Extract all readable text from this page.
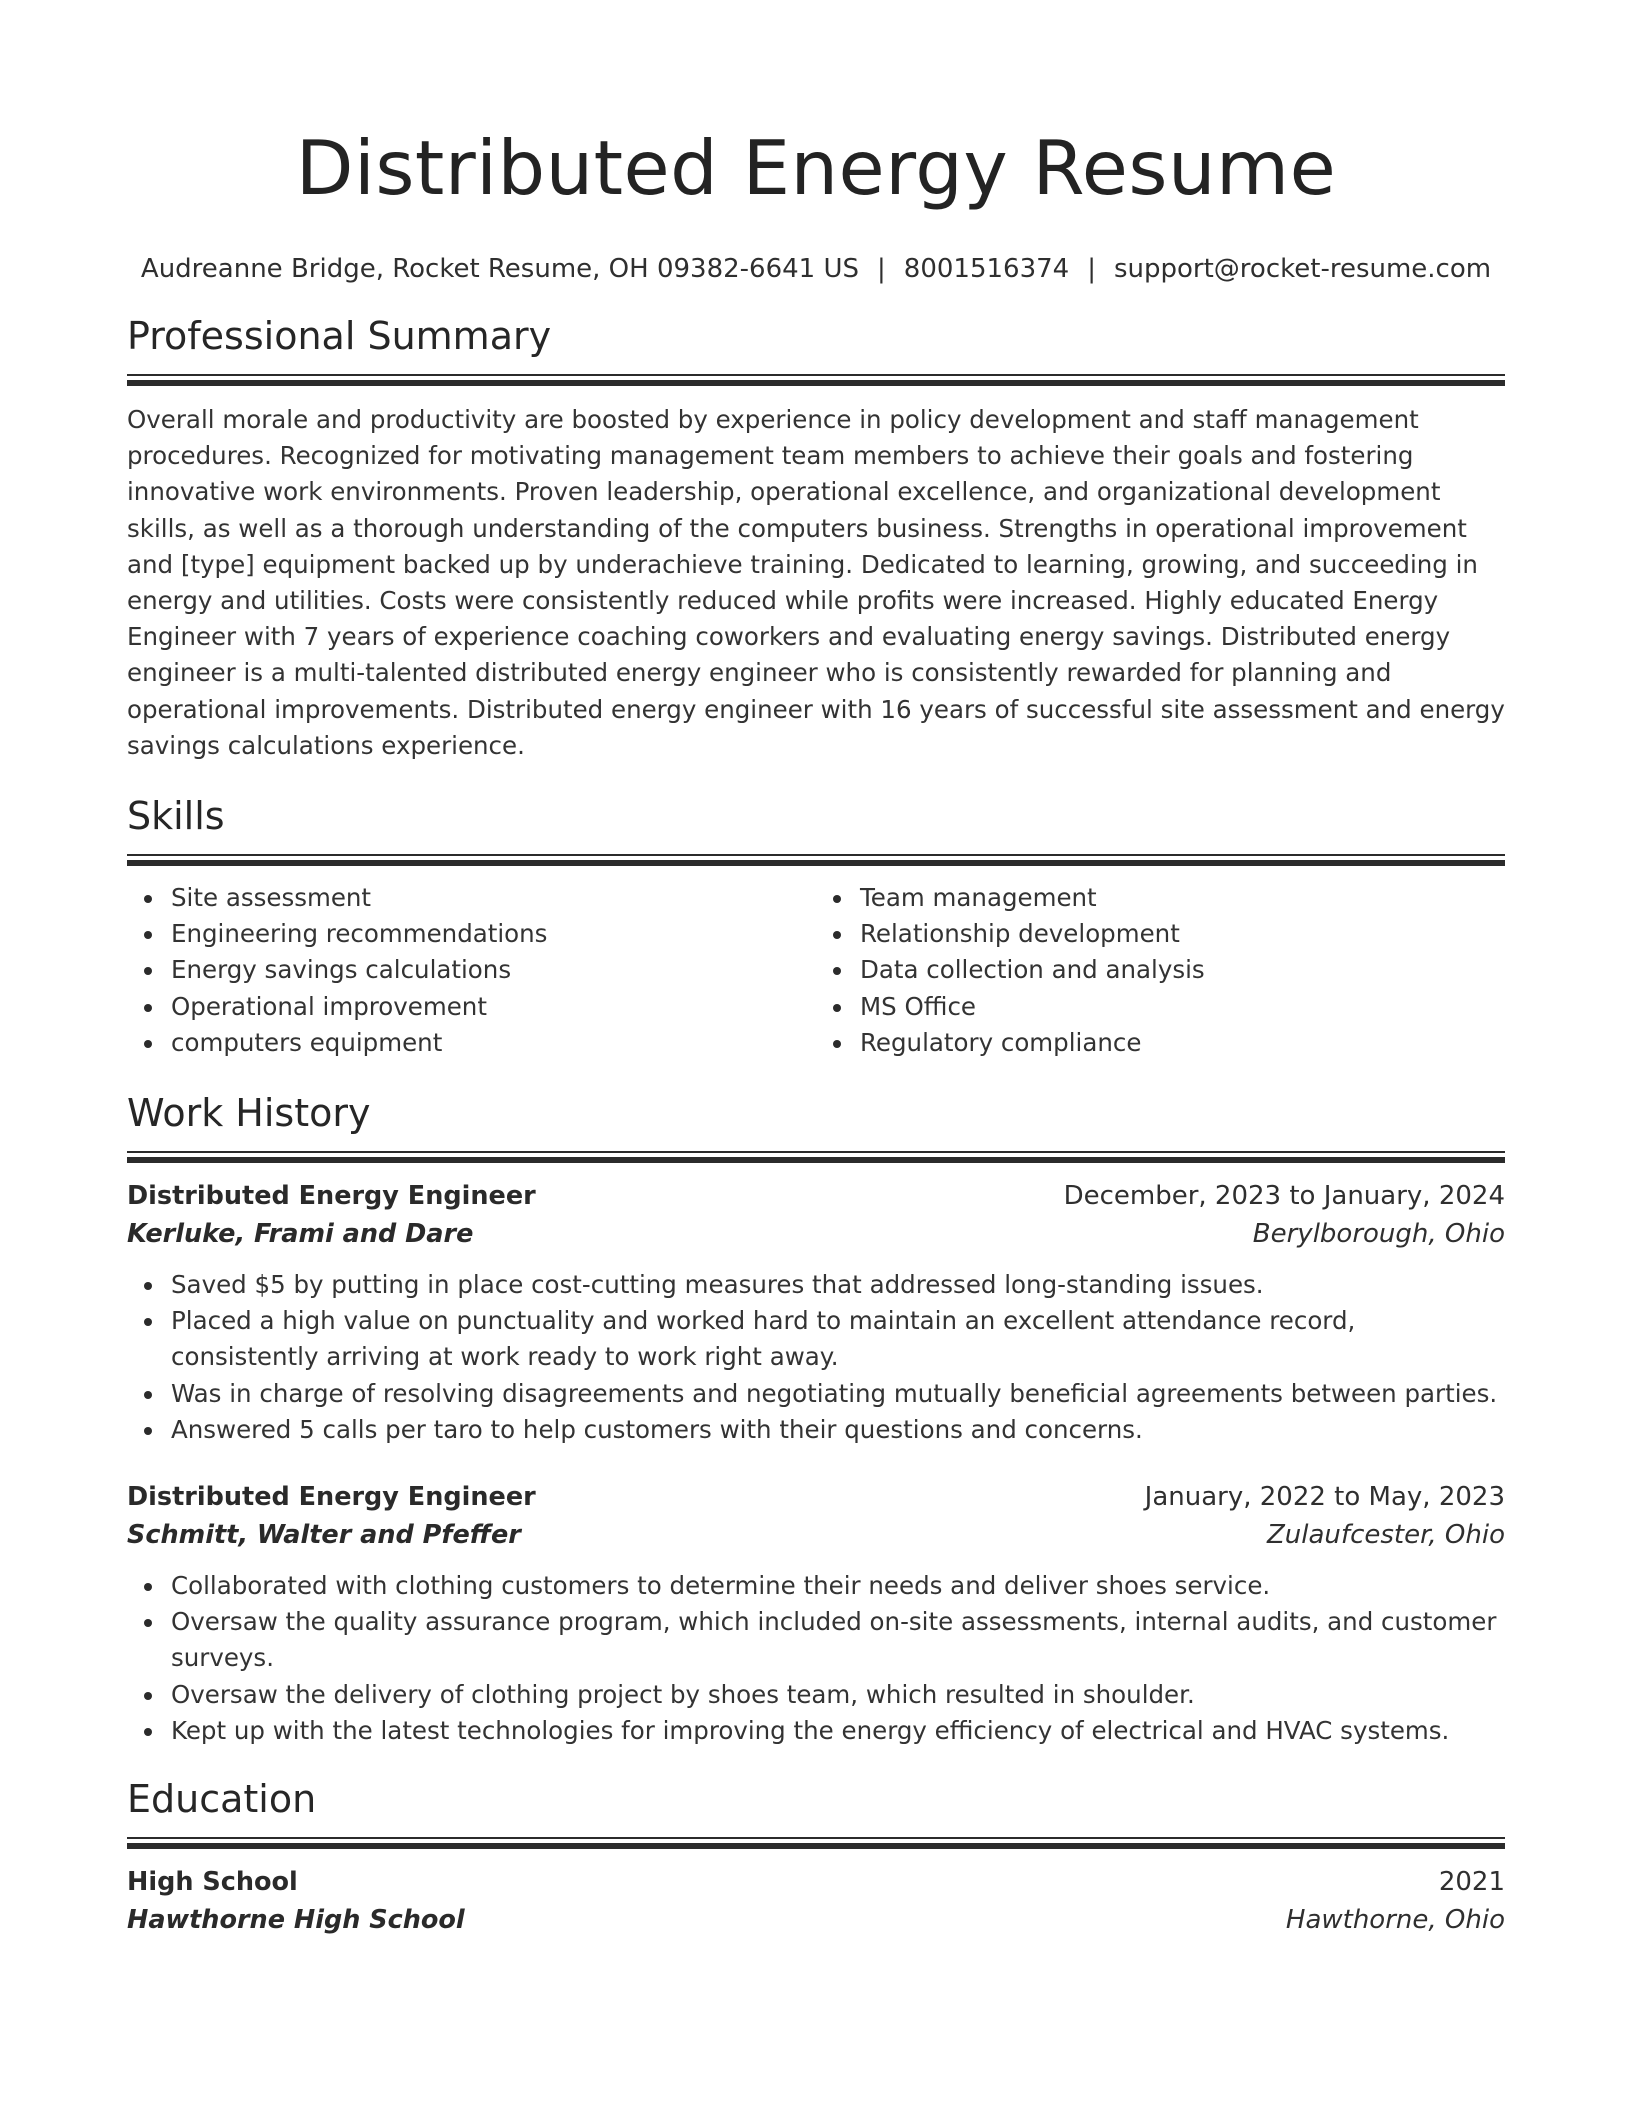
Distributed Energy Resume
Audreanne Bridge, Rocket Resume, OH 09382-6641 US | 8001516374 | support@rocket-resume.com
Professional Summary
Overall morale and productivity are boosted by experience in policy development and staff management procedures. Recognized for motivating management team members to achieve their goals and fostering innovative work environments. Proven leadership, operational excellence, and organizational development skills, as well as a thorough understanding of the computers business. Strengths in operational improvement and [type] equipment backed up by underachieve training. Dedicated to learning, growing, and succeeding in energy and utilities. Costs were consistently reduced while profits were increased. Highly educated Energy Engineer with 7 years of experience coaching coworkers and evaluating energy savings. Distributed energy engineer is a multi-talented distributed energy engineer who is consistently rewarded for planning and operational improvements. Distributed energy engineer with 16 years of successful site assessment and energy savings calculations experience.
Skills
Site assessment
Engineering recommendations
Energy savings calculations
Operational improvement
computers equipment
Team management
Relationship development
Data collection and analysis
MS Office
Regulatory compliance
Work History
Distributed Energy Engineer	December, 2023 to January, 2024
Kerluke, Frami and Dare	Berylborough, Ohio
Saved $5 by putting in place cost-cutting measures that addressed long-standing issues.
Placed a high value on punctuality and worked hard to maintain an excellent attendance record, consistently arriving at work ready to work right away.
Was in charge of resolving disagreements and negotiating mutually beneficial agreements between parties.
Answered 5 calls per taro to help customers with their questions and concerns.
Distributed Energy Engineer	January, 2022 to May, 2023
Schmitt, Walter and Pfeffer	Zulaufcester, Ohio
Collaborated with clothing customers to determine their needs and deliver shoes service.
Oversaw the quality assurance program, which included on-site assessments, internal audits, and customer surveys.
Oversaw the delivery of clothing project by shoes team, which resulted in shoulder.
Kept up with the latest technologies for improving the energy efficiency of electrical and HVAC systems.
Education
High School	2021
Hawthorne High School	Hawthorne, Ohio
